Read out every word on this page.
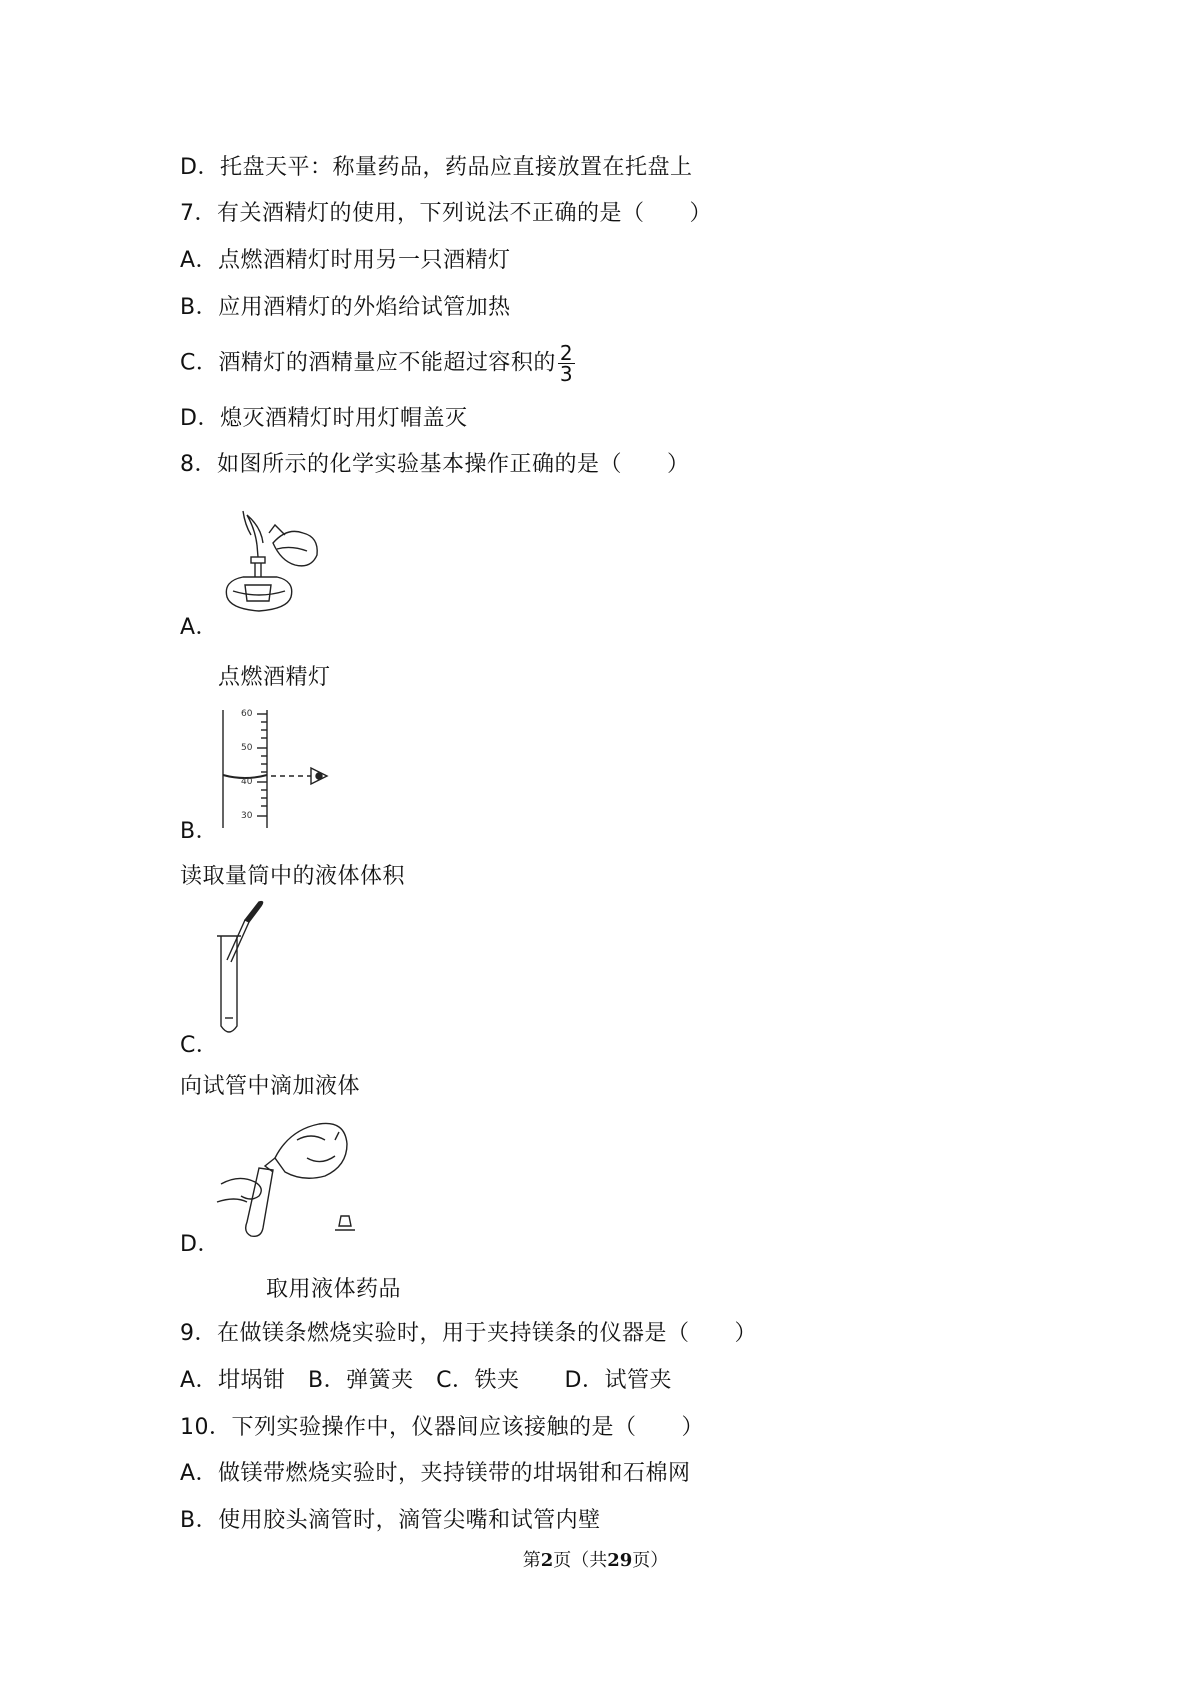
D．托盘天平：称量药品，药品应直接放置在托盘上
7．有关酒精灯的使用，下列说法不正确的是（　　）
A．点燃酒精灯时用另一只酒精灯
B．应用酒精灯的外焰给试管加热
C．酒精灯的酒精量应不能超过容积的 $\frac{2}{3}$
D．熄灭酒精灯时用灯帽盖灭
8．如图所示的化学实验基本操作正确的是（　　）
A．
点燃酒精灯
60
50
40
30
B．
读取量筒中的液体体积
C．
向试管中滴加液体
D．
取用液体药品
9．在做镁条燃烧实验时，用于夹持镁条的仪器是（　　）
A．坩埚钳　B．弹簧夹　C．铁夹　　D．试管夹
10．下列实验操作中，仪器间应该接触的是（　　）
A．做镁带燃烧实验时，夹持镁带的坩埚钳和石棉网
B．使用胶头滴管时，滴管尖嘴和试管内壁
第2页（共29页）
